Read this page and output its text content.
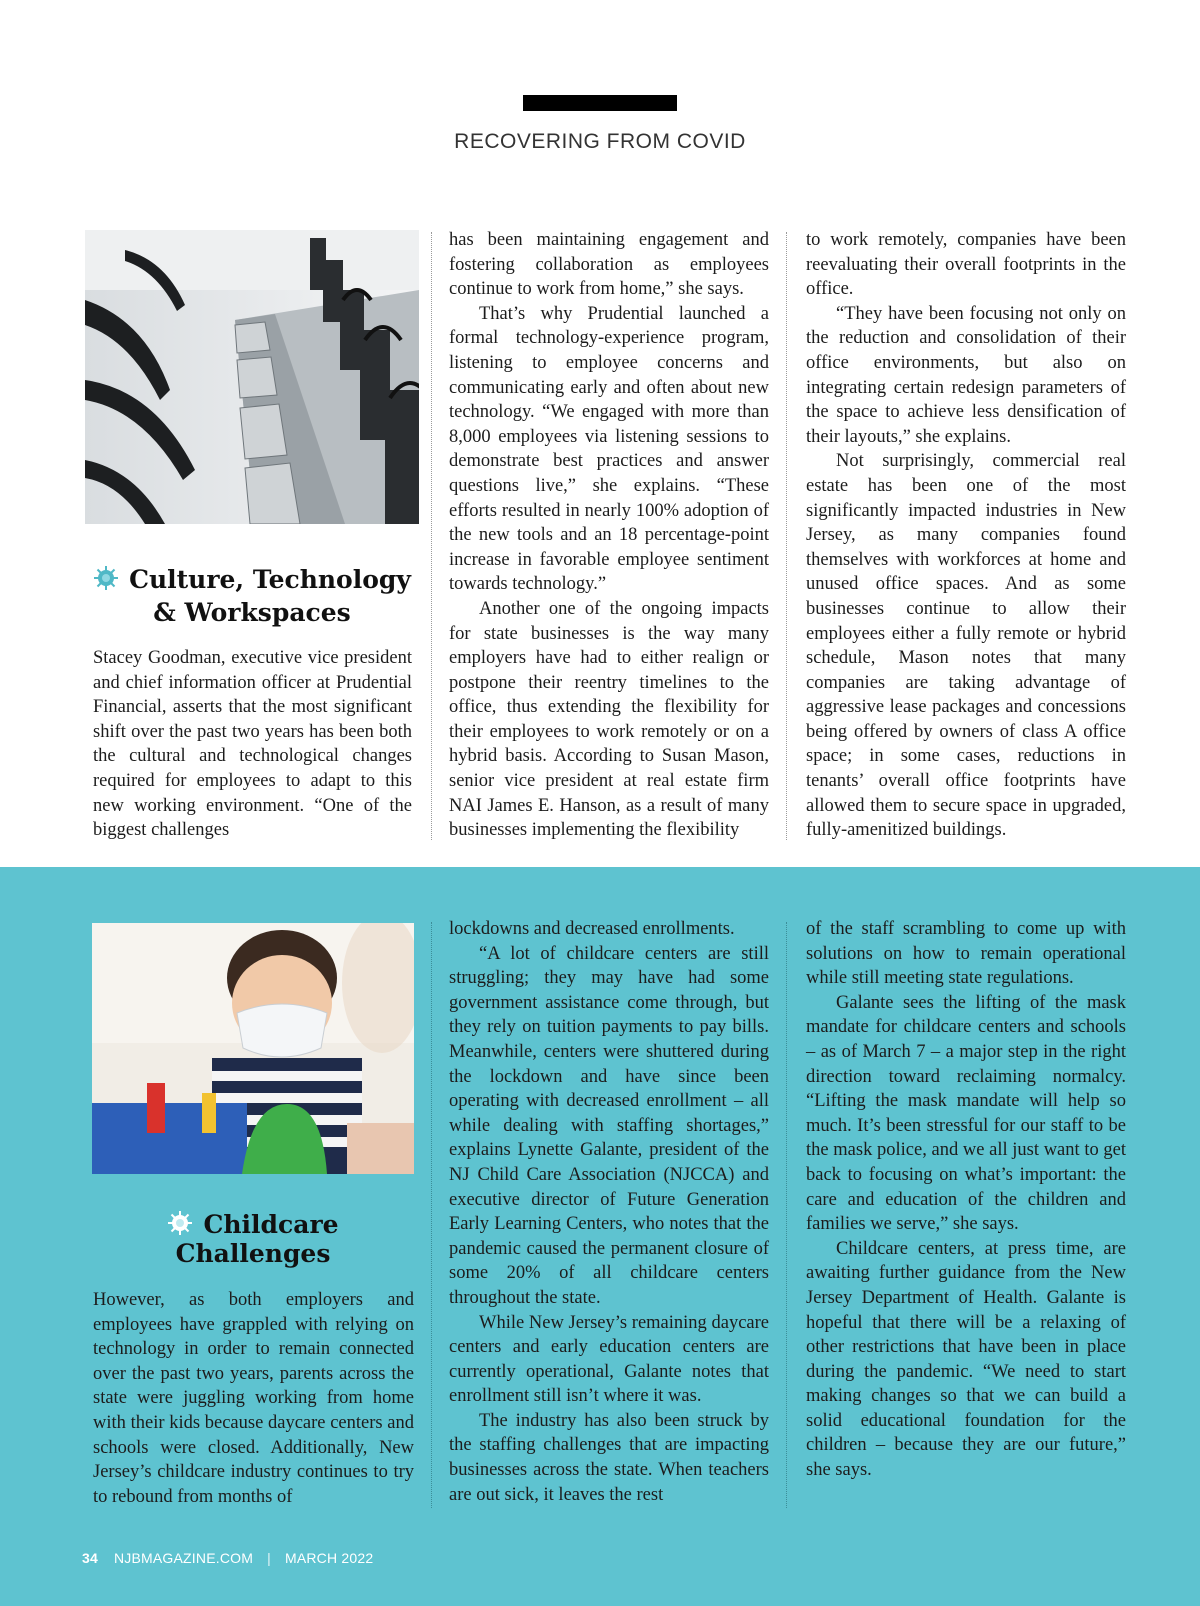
RECOVERING FROM COVID
Culture, Technology
& Workspaces

Stacey Goodman, executive vice president and chief information officer at Prudential Financial, asserts that the most significant shift over the past two years has been both the cultural and technological changes required for employees to adapt to this new working environment. “One of the biggest challenges

has been maintaining engagement and fostering collaboration as employees continue to work from home,” she says.

That’s why Prudential launched a formal technology-experience program, listening to employee concerns and communicating early and often about new technology. “We engaged with more than 8,000 employees via listening sessions to demonstrate best practices and answer questions live,” she explains. “These efforts resulted in nearly 100% adoption of the new tools and an 18 percentage-point increase in favorable employee sentiment towards technology.”

Another one of the ongoing impacts for state businesses is the way many employers have had to either realign or postpone their reentry timelines to the office, thus extending the flexibility for their employees to work remotely or on a hybrid basis. According to Susan Mason, senior vice president at real estate firm NAI James E. Hanson, as a result of many businesses implementing the flexibility

to work remotely, companies have been reevaluating their overall footprints in the office.

“They have been focusing not only on the reduction and consolidation of their office environments, but also on integrating certain redesign parameters of the space to achieve less densification of their layouts,” she explains.

Not surprisingly, commercial real estate has been one of the most significantly impacted industries in New Jersey, as many companies found themselves with workforces at home and unused office spaces. And as some businesses continue to allow their employees either a fully remote or hybrid schedule, Mason notes that many companies are taking advantage of aggressive lease packages and concessions being offered by owners of class A office space; in some cases, reductions in tenants’ overall office footprints have allowed them to secure space in upgraded, fully-amenitized buildings.

Childcare
Challenges

However, as both employers and employees have grappled with relying on technology in order to remain connected over the past two years, parents across the state were juggling working from home with their kids because daycare centers and schools were closed. Additionally, New Jersey’s childcare industry continues to try to rebound from months of

lockdowns and decreased enrollments.

“A lot of childcare centers are still struggling; they may have had some government assistance come through, but they rely on tuition payments to pay bills. Meanwhile, centers were shuttered during the lockdown and have since been operating with decreased enrollment – all while dealing with staffing shortages,” explains Lynette Galante, president of the NJ Child Care Association (NJCCA) and executive director of Future Generation Early Learning Centers, who notes that the pandemic caused the permanent closure of some 20% of all childcare centers throughout the state.

While New Jersey’s remaining daycare centers and early education centers are currently operational, Galante notes that enrollment still isn’t where it was.

The industry has also been struck by the staffing challenges that are impacting businesses across the state. When teachers are out sick, it leaves the rest

of the staff scrambling to come up with solutions on how to remain operational while still meeting state regulations.

Galante sees the lifting of the mask mandate for childcare centers and schools – as of March 7 – a major step in the right direction toward reclaiming normalcy. “Lifting the mask mandate will help so much. It’s been stressful for our staff to be the mask police, and we all just want to get back to focusing on what’s important: the care and education of the children and families we serve,” she says.

Childcare centers, at press time, are awaiting further guidance from the New Jersey Department of Health. Galante is hopeful that there will be a relaxing of other restrictions that have been in place during the pandemic. “We need to start making changes so that we can build a solid educational foundation for the children – because they are our future,” she says.

34 NJBMAGAZINE.COM | MARCH 2022
